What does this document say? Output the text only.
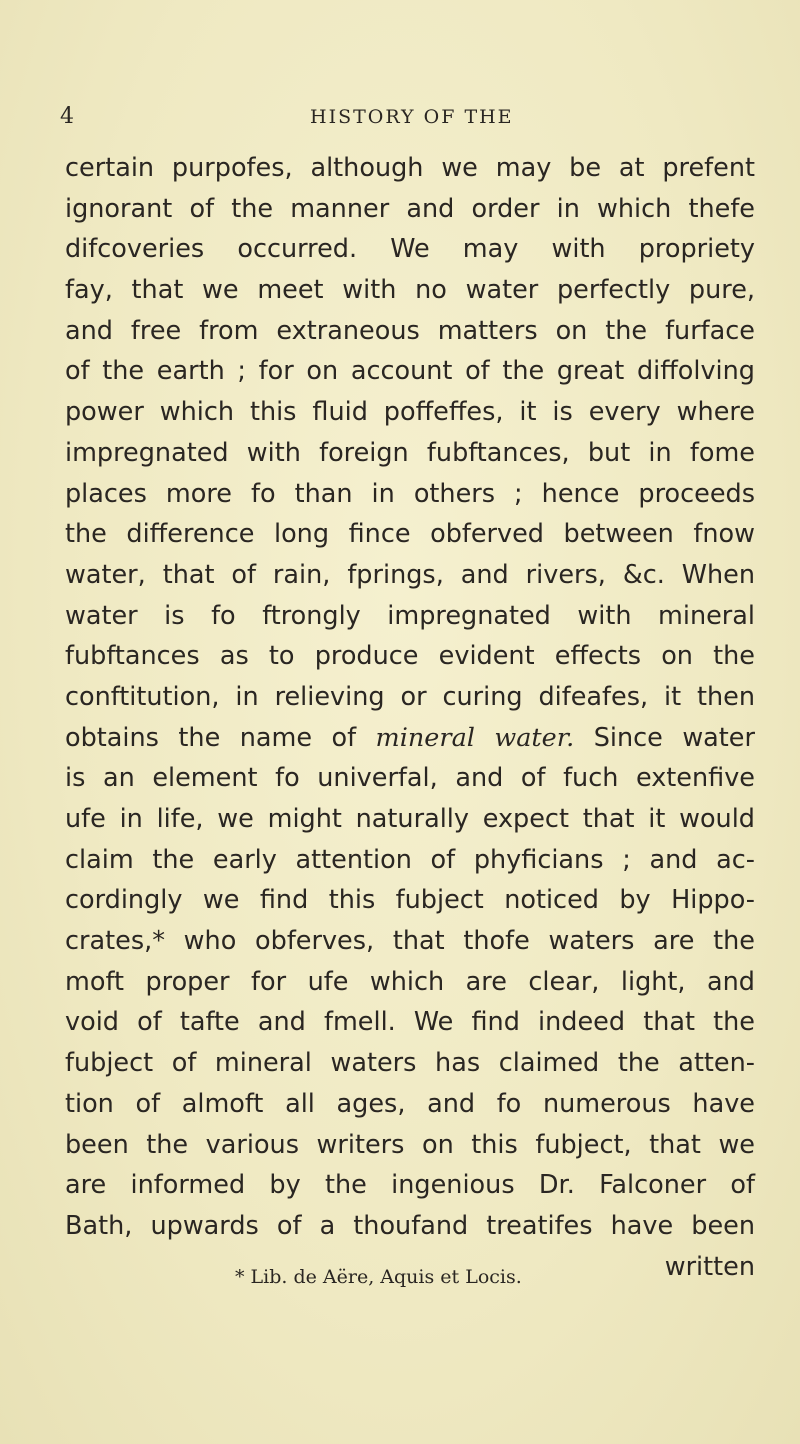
4	HISTORY OF THE
certain purpofes, although we may be at prefent
ignorant of the manner and order in which thefe
difcoveries occurred. We may with propriety
fay, that we meet with no water perfectly pure,
and free from extraneous matters on the furface
of the earth ; for on account of the great diffolving
power which this fluid poffeffes, it is every where
impregnated with foreign fubftances, but in fome
places more fo than in others ; hence proceeds
the difference long fince obferved between fnow
water, that of rain, fprings, and rivers, &c. When
water is fo ftrongly impregnated with mineral
fubftances as to produce evident effects on the
conftitution, in relieving or curing difeafes, it then
obtains the name of mineral water. Since water
is an element fo univerfal, and of fuch extenfive
ufe in life, we might naturally expect that it would
claim the early attention of phyficians ; and ac-
cordingly we find this fubject noticed by Hippo-
crates,* who obferves, that thofe waters are the
moft proper for ufe which are clear, light, and
void of tafte and fmell. We find indeed that the
fubject of mineral waters has claimed the atten-
tion of almoft all ages, and fo numerous have
been the various writers on this fubject, that we
are informed by the ingenious Dr. Falconer of
Bath, upwards of a thoufand treatifes have been
written
* Lib. de Aëre, Aquis et Locis.
